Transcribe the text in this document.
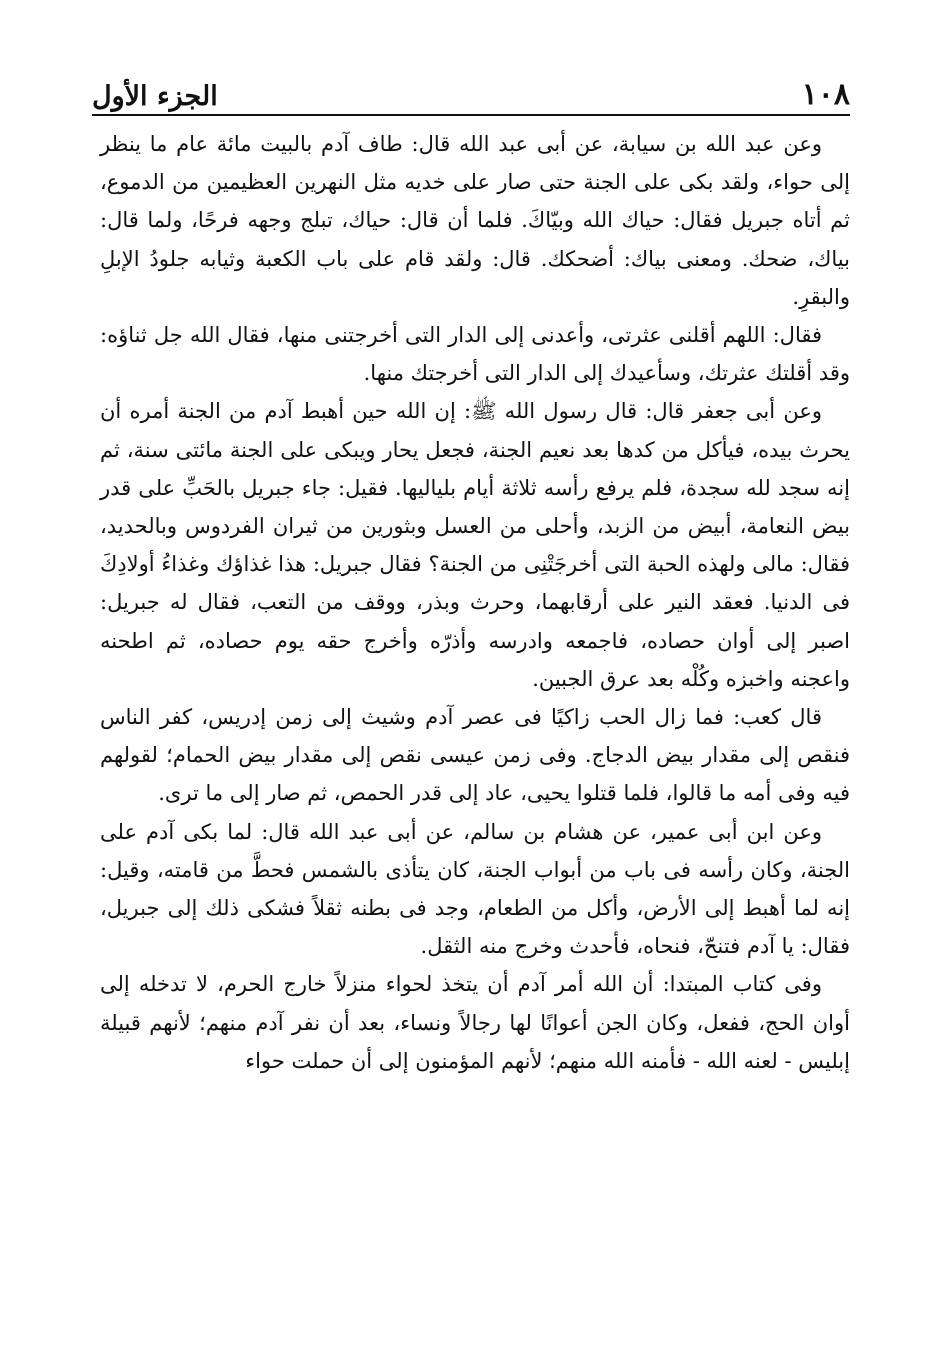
١٠٨
الجزء الأول

وعن عبد الله بن سيابة، عن أبى عبد الله قال: طاف آدم بالبيت مائة عام ما ينظر إلى حواء، ولقد بكى على الجنة حتى صار على خديه مثل النهرين العظيمين من الدموع، ثم أتاه جبريل فقال: حياك الله وبيّاكَ. فلما أن قال: حياك، تبلج وجهه فرحًا، ولما قال: بياك، ضحك. ومعنى بياك: أضحكك. قال: ولقد قام على باب الكعبة وثيابه جلودُ الإبلِ والبقرِ.

فقال: اللهم أقلنى عثرتى، وأعدنى إلى الدار التى أخرجتنى منها، فقال الله جل ثناؤه: وقد أقلتك عثرتك، وسأعيدك إلى الدار التى أخرجتك منها.

وعن أبى جعفر قال: قال رسول الله ﷺ: إن الله حين أهبط آدم من الجنة أمره أن يحرث بيده، فيأكل من كدها بعد نعيم الجنة، فجعل يحار ويبكى على الجنة مائتى سنة، ثم إنه سجد لله سجدة، فلم يرفع رأسه ثلاثة أيام بلياليها. فقيل: جاء جبريل بالحَبِّ على قدر بيض النعامة، أبيض من الزبد، وأحلى من العسل وبثورين من ثيران الفردوس وبالحديد، فقال: مالى ولهذه الحبة التى أخرجَتْنِى من الجنة؟ فقال جبريل: هذا غذاؤك وغذاءُ أولادِكَ فى الدنيا. فعقد النير على أرقابهما، وحرث وبذر، ووقف من التعب، فقال له جبريل: اصبر إلى أوان حصاده، فاجمعه وادرسه وأذرّه وأخرج حقه يوم حصاده، ثم اطحنه واعجنه واخبزه وكُلْه بعد عرق الجبين.

قال كعب: فما زال الحب زاكيًا فى عصر آدم وشيث إلى زمن إدريس، كفر الناس فنقص إلى مقدار بيض الدجاج. وفى زمن عيسى نقص إلى مقدار بيض الحمام؛ لقولهم فيه وفى أمه ما قالوا، فلما قتلوا يحيى، عاد إلى قدر الحمص، ثم صار إلى ما ترى.

وعن ابن أبى عمير، عن هشام بن سالم، عن أبى عبد الله قال: لما بكى آدم على الجنة، وكان رأسه فى باب من أبواب الجنة، كان يتأذى بالشمس فحطَّ من قامته، وقيل: إنه لما أهبط إلى الأرض، وأكل من الطعام، وجد فى بطنه ثقلاً فشكى ذلك إلى جبريل، فقال: يا آدم فتنحّ، فنحاه، فأحدث وخرج منه الثقل.

وفى كتاب المبتدا: أن الله أمر آدم أن يتخذ لحواء منزلاً خارج الحرم، لا تدخله إلى أوان الحج، ففعل، وكان الجن أعوانًا لها رجالاً ونساء، بعد أن نفر آدم منهم؛ لأنهم قبيلة إبليس - لعنه الله - فأمنه الله منهم؛ لأنهم المؤمنون إلى أن حملت حواء
